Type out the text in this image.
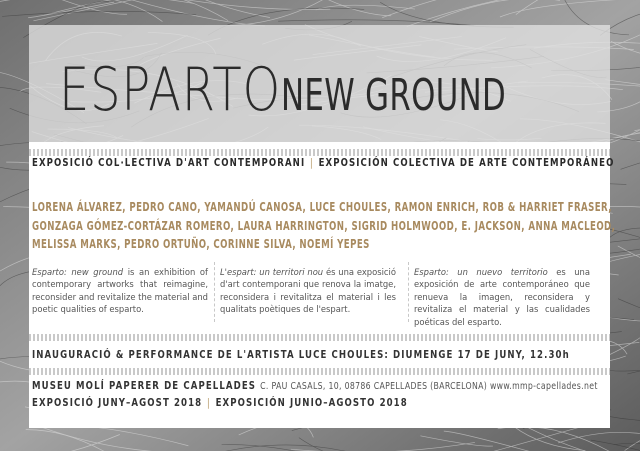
ESPARTONEW GROUND
EXPOSICIÓ COL·LECTIVA D'ART CONTEMPORANI | EXPOSICIÓN COLECTIVA DE ARTE CONTEMPORÁNEO
LORENA ÁLVAREZ, PEDRO CANO, YAMANDÚ CANOSA, LUCE CHOULES, RAMON ENRICH, ROB & HARRIET FRASER,
GONZAGA GÓMEZ-CORTÁZAR ROMERO, LAURA HARRINGTON, SIGRID HOLMWOOD, E. JACKSON, ANNA MACLEOD,
MELISSA MARKS, PEDRO ORTUÑO, CORINNE SILVA, NOEMÍ YEPES
Esparto: new ground is an exhibition of contemporary artworks that reimagine, reconsider and revitalize the material and poetic qualities of esparto.
L'espart: un territori nou és una exposició d'art contemporani que renova la imatge, reconsidera i revitalitza el material i les qualitats poètiques de l'espart.
Esparto: un nuevo territorio es una exposición de arte contemporáneo que renueva la imagen, reconsidera y revitaliza el material y las cualidades poéticas del esparto.
INAUGURACIÓ & PERFORMANCE DE L'ARTISTA LUCE CHOULES: DIUMENGE 17 DE JUNY, 12.30h
MUSEU MOLÍ PAPERER DE CAPELLADES C. PAU CASALS, 10, 08786 CAPELLADES (BARCELONA) www.mmp-capellades.net
EXPOSICIÓ JUNY–AGOST 2018 | EXPOSICIÓN JUNIO–AGOSTO 2018
